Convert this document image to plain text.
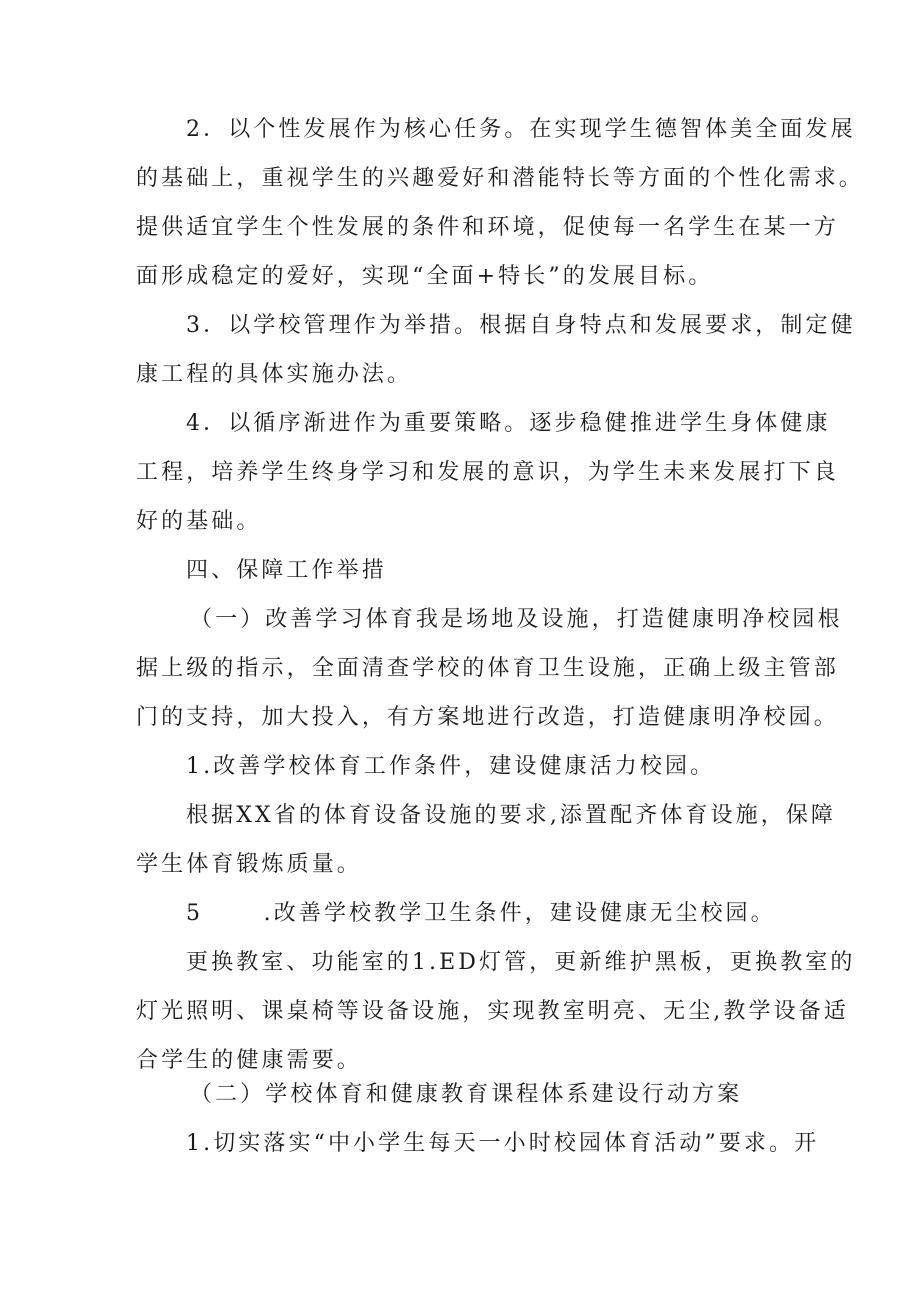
2．以个性发展作为核心任务。在实现学生德智体美全面发展
的基础上，重视学生的兴趣爱好和潜能特长等方面的个性化需求。
提供适宜学生个性发展的条件和环境，促使每一名学生在某一方
面形成稳定的爱好，实现“全面+特长”的发展目标。
3．以学校管理作为举措。根据自身特点和发展要求，制定健
康工程的具体实施办法。
4．以循序渐进作为重要策略。逐步稳健推进学生身体健康
工程，培养学生终身学习和发展的意识，为学生未来发展打下良
好的基础。
四、保障工作举措
（一）改善学习体育我是场地及设施，打造健康明净校园根
据上级的指示，全面清查学校的体育卫生设施，正确上级主管部
门的支持，加大投入，有方案地进行改造，打造健康明净校园。
1.改善学校体育工作条件，建设健康活力校园。
根据XX省的体育设备设施的要求,添置配齐体育设施，保障
学生体育锻炼质量。
5      .改善学校教学卫生条件，建设健康无尘校园。
更换教室、功能室的1.ED灯管，更新维护黑板，更换教室的
灯光照明、课桌椅等设备设施，实现教室明亮、无尘,教学设备适
合学生的健康需要。
（二）学校体育和健康教育课程体系建设行动方案
1.切实落实“中小学生每天一小时校园体育活动”要求。开
